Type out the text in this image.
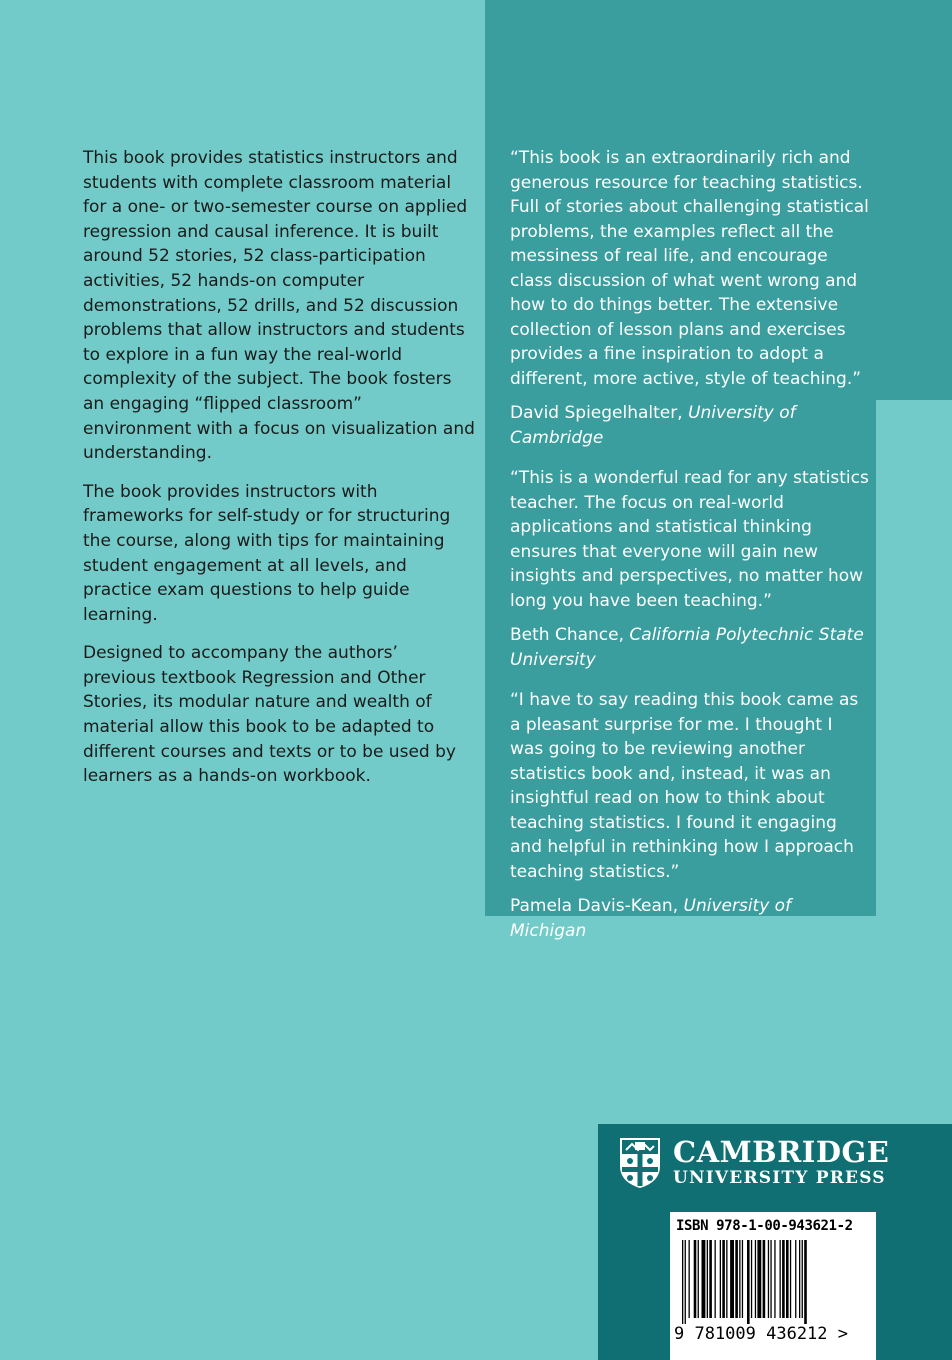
This book provides statistics instructors and students with complete classroom material for a one- or two-semester course on applied regression and causal inference. It is built around 52 stories, 52 class-participation activities, 52 hands-on computer demonstrations, 52 drills, and 52 discussion problems that allow instructors and students to explore in a fun way the real-world complexity of the subject. The book fosters an engaging “flipped classroom” environment with a focus on visualization and understanding.

The book provides instructors with frameworks for self-study or for structuring the course, along with tips for maintaining student engagement at all levels, and practice exam questions to help guide learning.

Designed to accompany the authors’ previous textbook Regression and Other Stories, its modular nature and wealth of material allow this book to be adapted to different courses and texts or to be used by learners as a hands-on workbook.

“This book is an extraordinarily rich and generous resource for teaching statistics. Full of stories about challenging statistical problems, the examples reflect all the messiness of real life, and encourage class discussion of what went wrong and how to do things better. The extensive collection of lesson plans and exercises provides a fine inspiration to adopt a different, more active, style of teaching.”

David Spiegelhalter, University of Cambridge

“This is a wonderful read for any statistics teacher. The focus on real-world applications and statistical thinking ensures that everyone will gain new insights and perspectives, no matter how long you have been teaching.”

Beth Chance, California Polytechnic State University

“I have to say reading this book came as a pleasant surprise for me. I thought I was going to be reviewing another statistics book and, instead, it was an insightful read on how to think about teaching statistics. I found it engaging and helpful in rethinking how I approach teaching statistics.”

Pamela Davis-Kean, University of Michigan

CAMBRIDGE
UNIVERSITY PRESS
ISBN 978-1-00-943621-2
9 781009 436212 >
